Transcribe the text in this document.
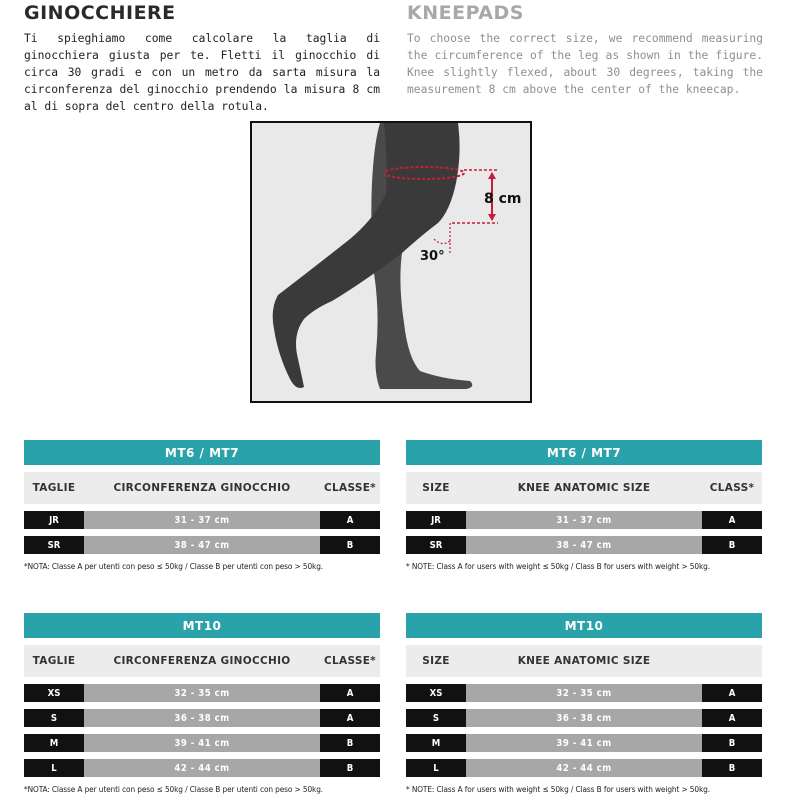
GINOCCHIERE	KNEEPADS
Ti spieghiamo come calcolare la taglia di ginocchiera giusta per te. Fletti il ginocchio di circa 30 gradi e con un metro da sarta misura la circonferenza del ginocchio prendendo la misura 8 cm al di sopra del centro della rotula.
To choose the correct size, we recommend measuring the circumference of the leg as shown in the figure. Knee slightly flexed, about 30 degrees, taking the measurement 8 cm above the center of the kneecap.
8 cm
30°
MT6 / MT7
TAGLIE	CIRCONFERENZA GINOCCHIO	CLASSE*
JR	31 - 37 cm	A
SR	38 - 47 cm	B
*NOTA: Classe A per utenti con peso ≤ 50kg / Classe B per utenti con peso > 50kg.
MT6 / MT7
SIZE	KNEE ANATOMIC SIZE	CLASS*
JR	31 - 37 cm	A
SR	38 - 47 cm	B
* NOTE: Class A for users with weight ≤ 50kg / Class B for users with weight > 50kg.
MT10
TAGLIE	CIRCONFERENZA GINOCCHIO	CLASSE*
XS	32 - 35 cm	A
S	36 - 38 cm	A
M	39 - 41 cm	B
L	42 - 44 cm	B
*NOTA: Classe A per utenti con peso ≤ 50kg / Classe B per utenti con peso > 50kg.
MT10
SIZE	KNEE ANATOMIC SIZE
XS	32 - 35 cm	A
S	36 - 38 cm	A
M	39 - 41 cm	B
L	42 - 44 cm	B
* NOTE: Class A for users with weight ≤ 50kg / Class B for users with weight > 50kg.
